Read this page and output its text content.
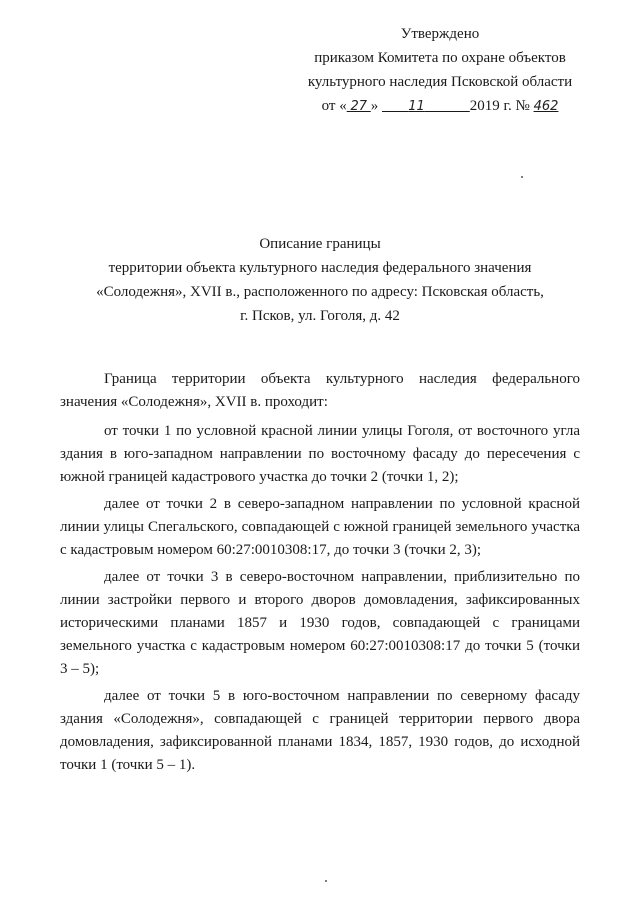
Утверждено
приказом Комитета по охране объектов
культурного наследия Псковской области
от « 27 »        11	2019 г. № 462
Описание границы
территории объекта культурного наследия федерального значения
«Солодежня», XVII в., расположенного по адресу: Псковская область,
г. Псков, ул. Гоголя, д. 42

Граница территории объекта культурного наследия федерального значения «Солодежня», XVII в. проходит:

от точки 1 по условной красной линии улицы Гоголя, от восточного угла здания в юго-западном направлении по восточному фасаду до пересечения с южной границей кадастрового участка до точки 2 (точки 1, 2);

далее от точки 2 в северо-западном направлении по условной красной линии улицы Спегальского, совпадающей с южной границей земельного участка с кадастровым номером 60:27:0010308:17, до точки 3 (точки 2, 3);

далее от точки 3 в северо-восточном направлении, приблизительно по линии застройки первого и второго дворов домовладения, зафиксированных историческими планами 1857 и 1930 годов, совпадающей с границами земельного участка с кадастровым номером 60:27:0010308:17 до точки 5 (точки 3 – 5);

далее от точки 5 в юго-восточном направлении по северному фасаду здания «Солодежня», совпадающей с границей территории первого двора домовладения, зафиксированной планами 1834, 1857, 1930 годов, до исходной точки 1 (точки 5 – 1).
